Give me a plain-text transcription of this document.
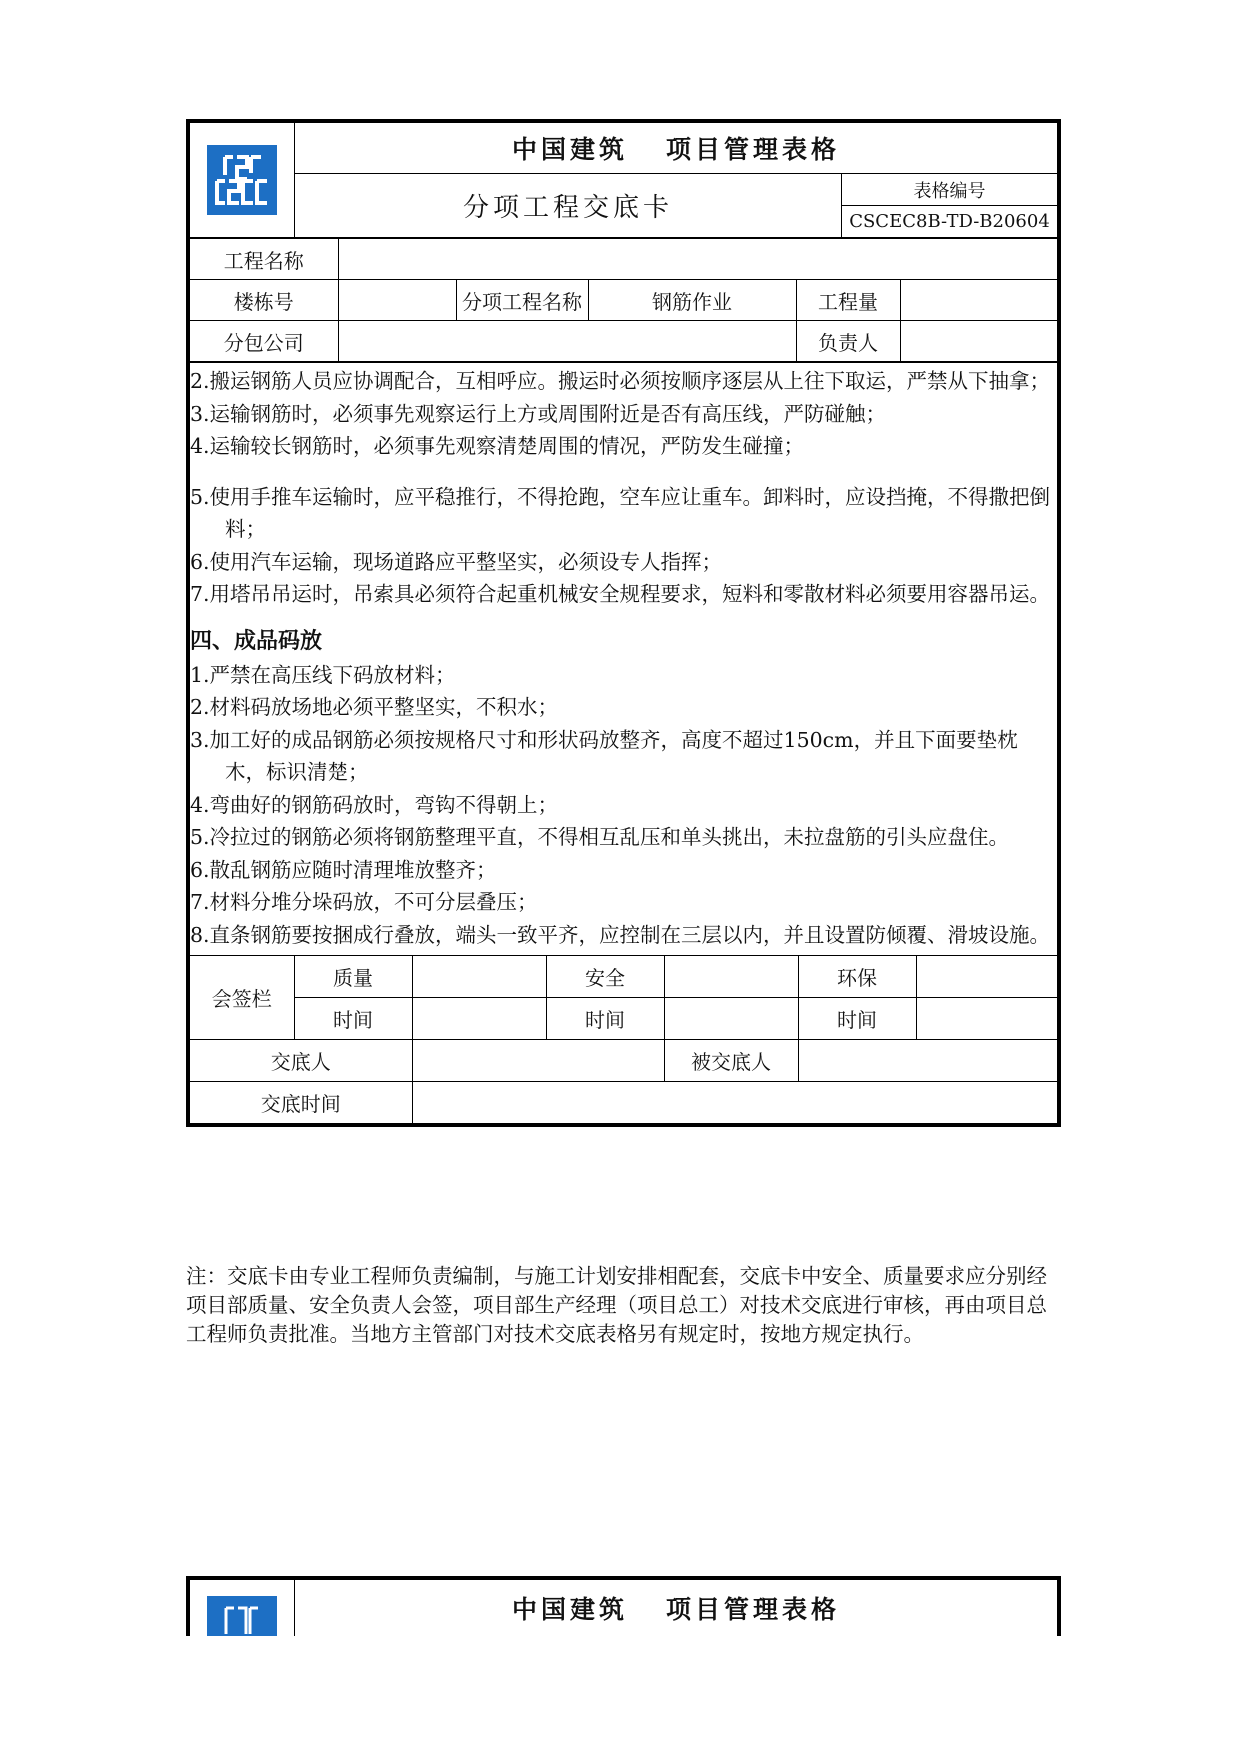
中国建筑 项目管理表格
分项工程交底卡
表格编号
CSCEC8B-TD-B20604
工程名称					
楼栋号		分项工程名称	钢筋作业	工程量	
分包公司				负责人	

2.搬运钢筋人员应协调配合，互相呼应。搬运时必须按顺序逐层从上往下取运，严禁从下抽拿；

3.运输钢筋时，必须事先观察运行上方或周围附近是否有高压线，严防碰触；

4.运输较长钢筋时，必须事先观察清楚周围的情况，严防发生碰撞；

5.使用手推车运输时，应平稳推行，不得抢跑，空车应让重车。卸料时，应设挡掩，不得撒把倒料；

6.使用汽车运输，现场道路应平整坚实，必须设专人指挥；

7.用塔吊吊运时，吊索具必须符合起重机械安全规程要求，短料和零散材料必须要用容器吊运。

四、成品码放

1.严禁在高压线下码放材料；

2.材料码放场地必须平整坚实，不积水；

3.加工好的成品钢筋必须按规格尺寸和形状码放整齐，高度不超过150cm，并且下面要垫枕木，标识清楚；

4.弯曲好的钢筋码放时，弯钩不得朝上；

5.冷拉过的钢筋必须将钢筋整理平直，不得相互乱压和单头挑出，未拉盘筋的引头应盘住。

6.散乱钢筋应随时清理堆放整齐；

7.材料分堆分垛码放，不可分层叠压；

8.直条钢筋要按捆成行叠放，端头一致平齐，应控制在三层以内，并且设置防倾覆、滑坡设施。

会签栏	质量		安全		环保	
	时间		时间		时间	
交底人				被交底人		
交底时间						
注：交底卡由专业工程师负责编制，与施工计划安排相配套，交底卡中安全、质量要求应分别经项目部质量、安全负责人会签，项目部生产经理（项目总工）对技术交底进行审核，再由项目总工程师负责批准。当地方主管部门对技术交底表格另有规定时，按地方规定执行。
中国建筑 项目管理表格
